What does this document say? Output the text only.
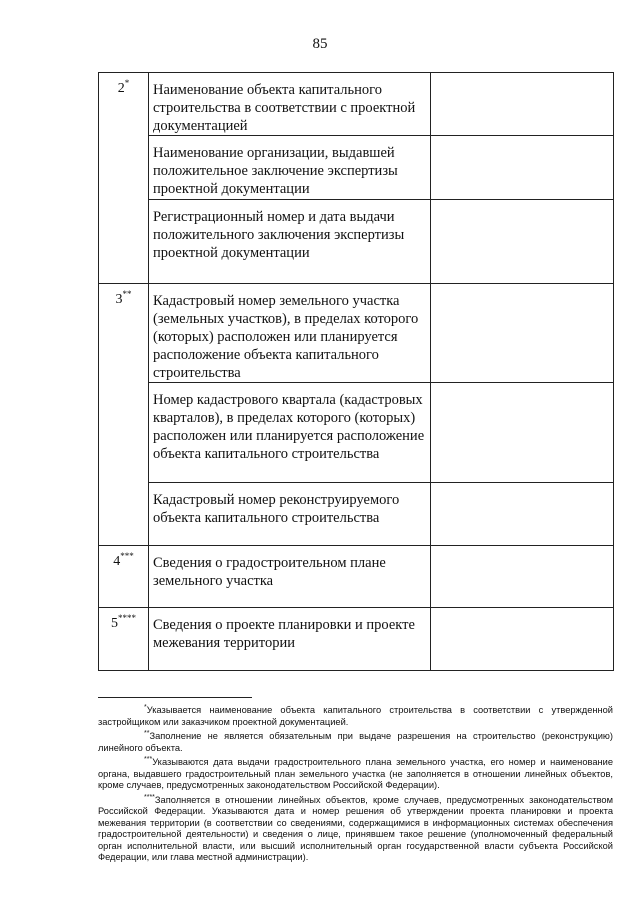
85
2*	Наименование объекта капитального строительства в соответствии с проектной документацией	
	Наименование организации, выдавшей положительное заключение экспертизы проектной документации	
	Регистрационный номер и дата выдачи положительного заключения экспертизы проектной документации	
3**	Кадастровый номер земельного участка (земельных участков), в пределах которого (которых) расположен или планируется расположение объекта капитального строительства	
	Номер кадастрового квартала (кадастровых кварталов), в пределах которого (которых) расположен или планируется расположение объекта капитального строительства	
	Кадастровый номер реконструируемого объекта капитального строительства	
4***	Сведения о градостроительном плане земельного участка	
5****	Сведения о проекте планировки и проекте межевания территории	

*Указывается наименование объекта капитального строительства в соответствии с утвержденной застройщиком или заказчиком проектной документацией.

**Заполнение не является обязательным при выдаче разрешения на строительство (реконструкцию) линейного объекта.

***Указываются дата выдачи градостроительного плана земельного участка, его номер и наименование органа, выдавшего градостроительный план земельного участка (не заполняется в отношении линейных объектов, кроме случаев, предусмотренных законодательством Российской Федерации).

****Заполняется в отношении линейных объектов, кроме случаев, предусмотренных законодательством Российской Федерации. Указываются дата и номер решения об утверждении проекта планировки и проекта межевания территории (в соответствии со сведениями, содержащимися в информационных системах обеспечения градостроительной деятельности) и сведения о лице, принявшем такое решение (уполномоченный федеральный орган исполнительной власти, или высший исполнительный орган государственной власти субъекта Российской Федерации, или глава местной администрации).
